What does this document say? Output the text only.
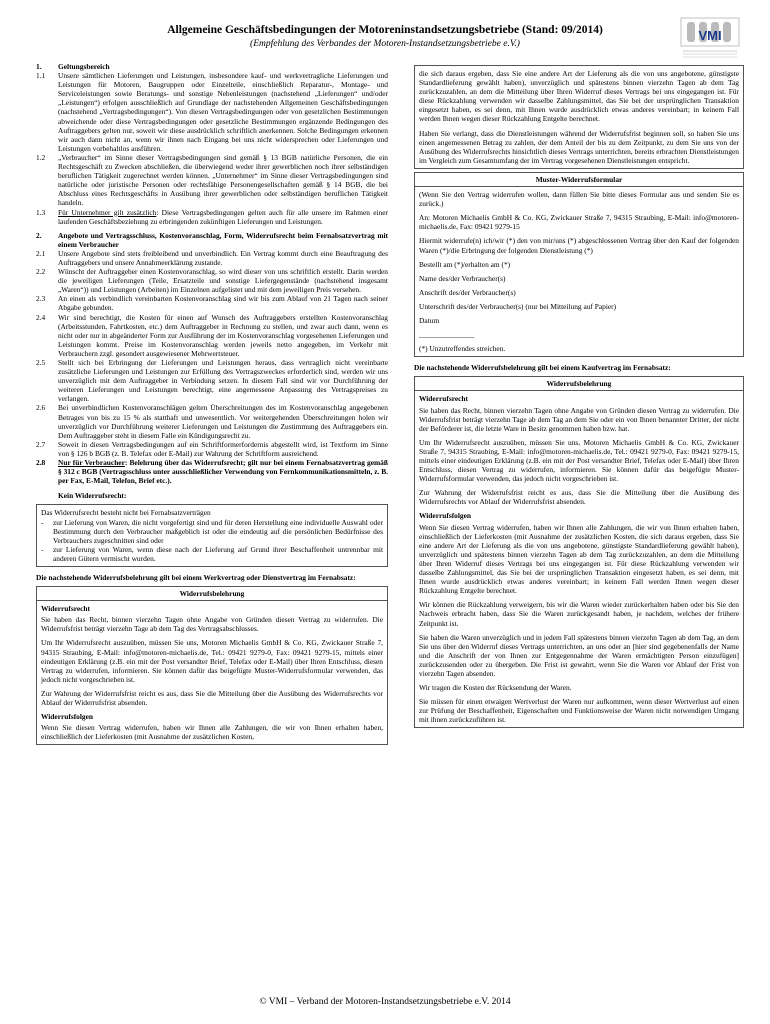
Allgemeine Geschäftsbedingungen der Motoreninstandsetzungsbetriebe (Stand: 09/2014)
(Empfehlung des Verbandes der Motoren-Instandsetzungsbetriebe e.V.)
VMI
1.	Geltungsbereich
1.1	Unsere sämtlichen Lieferungen und Leistungen, insbesondere kauf- und werkvertragliche Lieferungen und Leistungen für Motoren, Baugruppen oder Einzelteile, einschließlich Reparatur-, Montage- und Serviceleistungen sowie Beratungs- und sonstige Nebenleistungen (nachstehend „Lieferungen“ und/oder „Leistungen“) erfolgen ausschließlich auf Grundlage der nachstehenden Allgemeinen Geschäftsbedingungen (nachstehend „Vertragsbedingungen“). Von diesen Vertragsbedingungen oder von gesetzlichen Bestimmungen abweichende oder diese Vertragsbedingungen oder gesetzliche Bestimmungen ergänzende Bedingungen des Auftraggebers gelten nur, soweit wir diese ausdrücklich schriftlich anerkennen. Solche Bedingungen erkennen wir auch dann nicht an, wenn wir ihnen nach Eingang bei uns nicht widersprechen oder Lieferungen und Leistungen vorbehaltlos ausführen.
1.2	„Verbraucher“ im Sinne dieser Vertragsbedingungen sind gemäß § 13 BGB natürliche Personen, die ein Rechtsgeschäft zu Zwecken abschließen, die überwiegend weder ihrer gewerblichen noch ihrer selbständigen beruflichen Tätigkeit zugerechnet werden können. „Unternehmer“ im Sinne dieser Vertragsbedingungen sind natürliche oder juristische Personen oder rechtsfähige Personengesellschaften gemäß § 14 BGB, die bei Abschluss eines Rechtsgeschäfts in Ausübung ihrer gewerblichen oder selbständigen beruflichen Tätigkeit handeln.
1.3	Für Unternehmer gilt zusätzlich: Diese Vertragsbedingungen gelten auch für alle unsere im Rahmen einer laufenden Geschäftsbeziehung zu erbringenden zukünftigen Lieferungen und Leistungen.
2.	Angebote und Vertragsschluss, Kostenvoranschlag, Form, Widerrufsrecht beim Fernabsatzvertrag mit einem Verbraucher
2.1	Unsere Angebote sind stets freibleibend und unverbindlich. Ein Vertrag kommt durch eine Beauftragung des Auftraggebers und unsere Annahmeerklärung zustande.
2.2	Wünscht der Auftraggeber einen Kostenvoranschlag, so wird dieser von uns schriftlich erstellt. Darin werden die jeweiligen Lieferungen (Teile, Ersatzteile und sonstige Liefergegenstände (nachstehend insgesamt „Waren“)) und Leistungen (Arbeiten) im Einzelnen aufgelistet und mit dem jeweiligen Preis versehen.
2.3	An einen als verbindlich vereinbarten Kostenvoranschlag sind wir bis zum Ablauf von 21 Tagen nach seiner Abgabe gebunden.
2.4	Wir sind berechtigt, die Kosten für einen auf Wunsch des Auftraggebers erstellten Kostenvoranschlag (Arbeitsstunden, Fahrtkosten, etc.) dem Auftraggeber in Rechnung zu stellen, und zwar auch dann, wenn es nicht oder nur in abgeänderter Form zur Ausführung der im Kostenvoranschlag vorgesehenen Lieferungen und Leistungen kommt. Preise im Kostenvoranschlag werden jeweils netto angegeben, im Verkehr mit Verbrauchern zzgl. gesondert ausgewiesener Mehrwertsteuer.
2.5	Stellt sich bei Erbringung der Lieferungen und Leistungen heraus, dass vertraglich nicht vereinbarte zusätzliche Lieferungen und Leistungen zur Erfüllung des Vertragszweckes erforderlich sind, werden wir uns unverzüglich mit dem Auftraggeber in Verbindung setzen. In diesem Fall sind wir vor Durchführung der weiteren Lieferungen und Leistungen berechtigt, eine angemessene Anpassung des Vertragspreises zu verlangen.
2.6	Bei unverbindlichen Kostenvoranschlägen gelten Überschreitungen des im Kostenvoranschlag angegebenen Betrages von bis zu 15 % als statthaft und unwesentlich. Vor weitergehenden Überschreitungen holen wir unverzüglich vor Durchführung weiterer Lieferungen und Leistungen die Zustimmung des Auftraggebers ein. Dem Auftraggeber steht in diesem Falle ein Kündigungsrecht zu.
2.7	Soweit in diesen Vertragsbedingungen auf ein Schriftformerfordernis abgestellt wird, ist Textform im Sinne von § 126 b BGB (z. B. Telefax oder E-Mail) zur Wahrung der Schriftform ausreichend.
2.8	Nur für Verbraucher: Belehrung über das Widerrufsrecht; gilt nur bei einem Fernabsatzvertrag gemäß § 312 c BGB (Vertragsschluss unter ausschließlicher Verwendung von Fernkommunikationsmitteln, z. B. per Fax, E-Mail, Telefon, Brief etc.).
Kein Widerrufsrecht:
Das Widerrufsrecht besteht nicht bei Fernabsatzverträgen
-	zur Lieferung von Waren, die nicht vorgefertigt sind und für deren Herstellung eine individuelle Auswahl oder Bestimmung durch den Verbraucher maßgeblich ist oder die eindeutig auf die persönlichen Bedürfnisse des Verbrauchers zugeschnitten sind oder
-	zur Lieferung von Waren, wenn diese nach der Lieferung auf Grund ihrer Beschaffenheit untrennbar mit anderen Gütern vermischt wurden.
Die nachstehende Widerrufsbelehrung gilt bei einem Werkvertrag oder Dienstvertrag im Fernabsatz:
Widerrufsbelehrung
Widerrufsrecht

Sie haben das Recht, binnen vierzehn Tagen ohne Angabe von Gründen diesen Vertrag zu widerrufen. Die Widerrufsfrist beträgt vierzehn Tage ab dem Tag des Vertragsabschlusses.

Um Ihr Widerrufsrecht auszuüben, müssen Sie uns, Motoren Michaelis GmbH & Co. KG, Zwickauer Straße 7, 94315 Straubing, E-Mail: info@motoren-michaelis.de, Tel.: 09421 9279-0, Fax: 09421 9279-15, mittels einer eindeutigen Erklärung (z.B. ein mit der Post versandter Brief, Telefax oder E-Mail) über Ihren Entschluss, diesen Vertrag zu widerrufen, informieren. Sie können dafür das beigefügte Muster-Widerrufsformular verwenden, das jedoch nicht vorgeschrieben ist.

Zur Wahrung der Widerrufsfrist reicht es aus, dass Sie die Mitteilung über die Ausübung des Widerrufsrechts vor Ablauf der Widerrufsfrist absenden.

Widerrufsfolgen

Wenn Sie diesen Vertrag widerrufen, haben wir Ihnen alle Zahlungen, die wir von Ihnen erhalten haben, einschließlich der Lieferkosten (mit Ausnahme der zusätzlichen Kosten,

die sich daraus ergeben, dass Sie eine andere Art der Lieferung als die von uns angebotene, günstigste Standardlieferung gewählt haben), unverzüglich und spätestens binnen vierzehn Tagen ab dem Tag zurückzuzahlen, an dem die Mitteilung über Ihren Widerruf dieses Vertrags bei uns eingegangen ist. Für diese Rückzahlung verwenden wir dasselbe Zahlungsmittel, das Sie bei der ursprünglichen Transaktion eingesetzt haben, es sei denn, mit Ihnen wurde ausdrücklich etwas anderes vereinbart; in keinem Fall werden Ihnen wegen dieser Rückzahlung Entgelte berechnet.

Haben Sie verlangt, dass die Dienstleistungen während der Widerrufsfrist beginnen soll, so haben Sie uns einen angemessenen Betrag zu zahlen, der dem Anteil der bis zu dem Zeitpunkt, zu dem Sie uns von der Ausübung des Widerrufsrechts hinsichtlich dieses Vertrags unterrichten, bereits erbrachten Dienstleistungen im Vergleich zum Gesamtumfang der im Vertrag vorgesehenen Dienstleistungen entspricht.

Muster-Widerrufsformular

(Wenn Sie den Vertrag widerrufen wollen, dann füllen Sie bitte dieses Formular aus und senden Sie es zurück.)

An: Motoren Michaelis GmbH & Co. KG, Zwickauer Straße 7, 94315 Straubing, E-Mail: info@motoren-michaelis.de, Fax: 09421 9279-15

Hiermit widerrufe(n) ich/wir (*) den von mir/uns (*) abgeschlossenen Vertrag über den Kauf der folgenden Waren (*)/die Erbringung der folgenden Dienstleistung (*)

Bestellt am (*)/erhalten am (*)

Name des/der Verbraucher(s)

Anschrift des/der Verbraucher(s)

Unterschrift des/der Verbraucher(s) (nur bei Mitteilung auf Papier)

Datum

_______________

(*) Unzutreffendes streichen.

Die nachstehende Widerrufsbelehrung gilt bei einem Kaufvertrag im Fernabsatz:
Widerrufsbelehrung
Widerrufsrecht

Sie haben das Recht, binnen vierzehn Tagen ohne Angabe von Gründen diesen Vertrag zu widerrufen. Die Widerrufsfrist beträgt vierzehn Tage ab dem Tag an dem Sie oder ein von Ihnen benannter Dritter, der nicht der Beförderer ist, die letzte Ware in Besitz genommen haben bzw. hat.

Um Ihr Widerrufsrecht auszuüben, müssen Sie uns, Motoren Michaelis GmbH & Co. KG, Zwickauer Straße 7, 94315 Straubing, E-Mail: info@motoren-michaelis.de, Tel.: 09421 9279-0, Fax: 09421 9279-15, mittels einer eindeutigen Erklärung (z.B. ein mit der Post versandter Brief, Telefax oder E-Mail) über Ihren Entschluss, diesen Vertrag zu widerrufen, informieren. Sie können dafür das beigefügte Muster-Widerrufsformular verwenden, das jedoch nicht vorgeschrieben ist.

Zur Wahrung der Widerrufsfrist reicht es aus, dass Sie die Mitteilung über die Ausübung des Widerrufsrechts vor Ablauf der Widerrufsfrist absenden.

Widerrufsfolgen

Wenn Sie diesen Vertrag widerrufen, haben wir Ihnen alle Zahlungen, die wir von Ihnen erhalten haben, einschließlich der Lieferkosten (mit Ausnahme der zusätzlichen Kosten, die sich daraus ergeben, dass Sie eine andere Art der Lieferung als die von uns angebotene, günstigste Standardlieferung gewählt haben), unverzüglich und spätestens binnen vierzehn Tagen ab dem Tag zurückzuzahlen, an dem die Mitteilung über Ihren Widerruf dieses Vertrags bei uns eingegangen ist. Für diese Rückzahlung verwenden wir dasselbe Zahlungsmittel, das Sie bei der ursprünglichen Transaktion eingesetzt haben, es sei denn, mit Ihnen wurde ausdrücklich etwas anderes vereinbart; in keinem Fall werden Ihnen wegen dieser Rückzahlung Entgelte berechnet.

Wir können die Rückzahlung verweigern, bis wir die Waren wieder zurückerhalten haben oder bis Sie den Nachweis erbracht haben, dass Sie die Waren zurückgesandt haben, je nachdem, welches der frühere Zeitpunkt ist.

Sie haben die Waren unverzüglich und in jedem Fall spätestens binnen vierzehn Tagen ab dem Tag, an dem Sie uns über den Widerruf dieses Vertrags unterrichten, an uns oder an [hier sind gegebenenfalls der Name und die Anschrift der von Ihnen zur Entgegennahme der Waren ermächtigten Person einzufügen] zurückzusenden oder zu übergeben. Die Frist ist gewahrt, wenn Sie die Waren vor Ablauf der Frist von vierzehn Tagen absenden.

Wir tragen die Kosten der Rücksendung der Waren.

Sie müssen für einen etwaigen Wertverlust der Waren nur aufkommen, wenn dieser Wertverlust auf einen zur Prüfung der Beschaffenheit, Eigenschaften und Funktionsweise der Waren nicht notwendigen Umgang mit ihnen zurückzuführen ist.

© VMI – Verband der Motoren-Instandsetzungsbetriebe e.V. 2014
